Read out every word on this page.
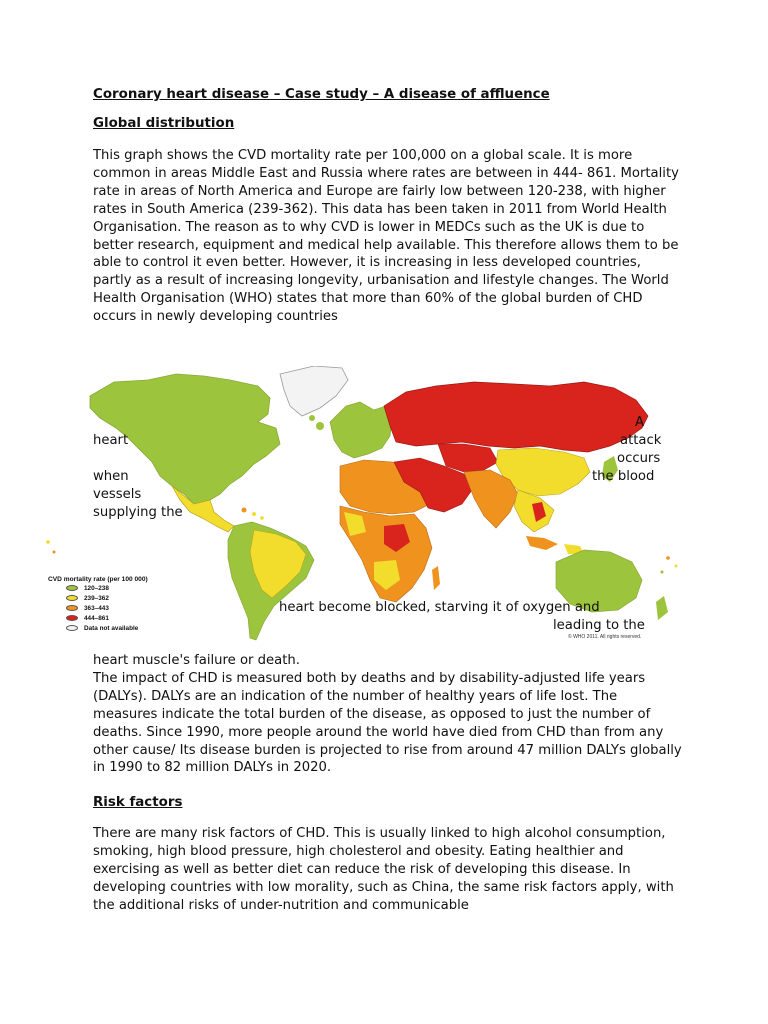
Coronary heart disease – Case study – A disease of affluence

Global distribution

This graph shows the CVD mortality rate per 100,000 on a global scale. It is more common in areas Middle East and Russia where rates are between in 444- 861. Mortality rate in areas of North America and Europe are fairly low between 120-238, with higher rates in South America (239-362). This data has been taken in 2011 from World Health Organisation. The reason as to why CVD is lower in MEDCs such as the UK is due to better research, equipment and medical help available. This therefore allows them to be able to control it even better. However, it is increasing in less developed countries, partly as a result of increasing longevity, urbanisation and lifestyle changes. The World Health Organisation (WHO) states that more than 60% of the global burden of CHD occurs in newly developing countries

CVD mortality rate (per 100 000)
120–238
239–362
363–443
444–861
Data not available
© WHO 2011. All rights reserved.
A
heart	attack
occurs
when	the blood
vessels
supplying the
heart become blocked, starving it of oxygen and
leading to the

heart muscle's failure or death.
The impact of CHD is measured both by deaths and by disability-adjusted life years (DALYs). DALYs are an indication of the number of healthy years of life lost. The measures indicate the total burden of the disease, as opposed to just the number of deaths. Since 1990, more people around the world have died from CHD than from any other cause/ Its disease burden is projected to rise from around 47 million DALYs globally in 1990 to 82 million DALYs in 2020.

Risk factors

There are many risk factors of CHD. This is usually linked to high alcohol consumption, smoking, high blood pressure, high cholesterol and obesity. Eating healthier and exercising as well as better diet can reduce the risk of developing this disease. In developing countries with low morality, such as China, the same risk factors apply, with the additional risks of under-nutrition and communicable
